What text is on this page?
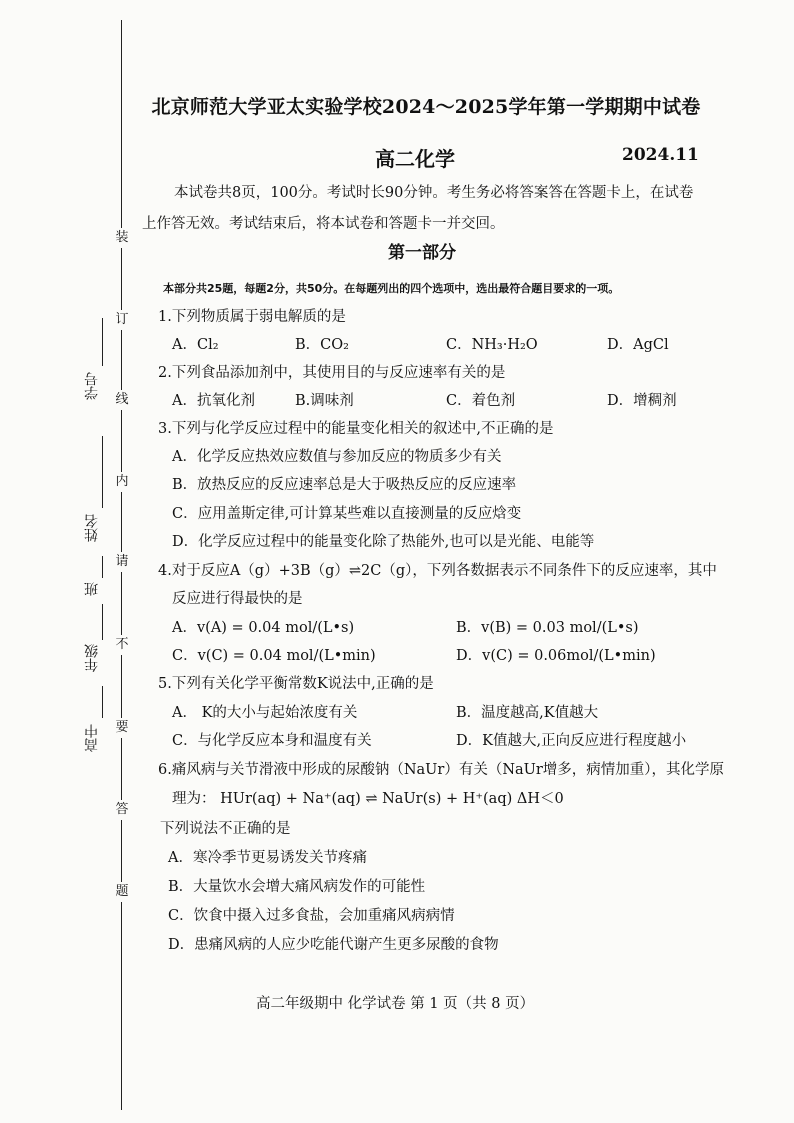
装
订
线
内
请
不
要
答
题
学号
姓名
班
年级
高中
北京师范大学亚太实验学校2024～2025学年第一学期期中试卷
高二化学	2024.11
本试卷共8页，100分。考试时长90分钟。考生务必将答案答在答题卡上，在试卷上作答无效。考试结束后，将本试卷和答题卡一并交回。
第一部分
本部分共25题，每题2分，共50分。在每题列出的四个选项中，选出最符合题目要求的一项。
1.下列物质属于弱电解质的是
A．Cl₂	B．CO₂	C．NH₃·H₂O	D．AgCl
2.下列食品添加剂中，其使用目的与反应速率有关的是
A．抗氧化剂	B.调味剂	C．着色剂	D．增稠剂
3.下列与化学反应过程中的能量变化相关的叙述中,不正确的是
A．化学反应热效应数值与参加反应的物质多少有关
B．放热反应的反应速率总是大于吸热反应的反应速率
C．应用盖斯定律,可计算某些难以直接测量的反应焓变
D．化学反应过程中的能量变化除了热能外,也可以是光能、电能等
4.对于反应A（g）+3B（g）⇌2C（g），下列各数据表示不同条件下的反应速率，其中
反应进行得最快的是
A．v(A) = 0.04 mol/(L•s)	B．v(B) = 0.03 mol/(L•s)
C．v(C) = 0.04 mol/(L•min)	D．v(C) = 0.06mol/(L•min)
5.下列有关化学平衡常数K说法中,正确的是
A． K的大小与起始浓度有关	B．温度越高,K值越大
C．与化学反应本身和温度有关	D．K值越大,正向反应进行程度越小
6.痛风病与关节滑液中形成的尿酸钠（NaUr）有关（NaUr增多，病情加重），其化学原
理为： HUr(aq) + Na⁺(aq) ⇌ NaUr(s) + H⁺(aq) ΔH＜0
下列说法不正确的是
A．寒冷季节更易诱发关节疼痛
B．大量饮水会增大痛风病发作的可能性
C．饮食中摄入过多食盐，会加重痛风病病情
D．患痛风病的人应少吃能代谢产生更多尿酸的食物
高二年级期中 化学试卷 第 1 页（共 8 页）
